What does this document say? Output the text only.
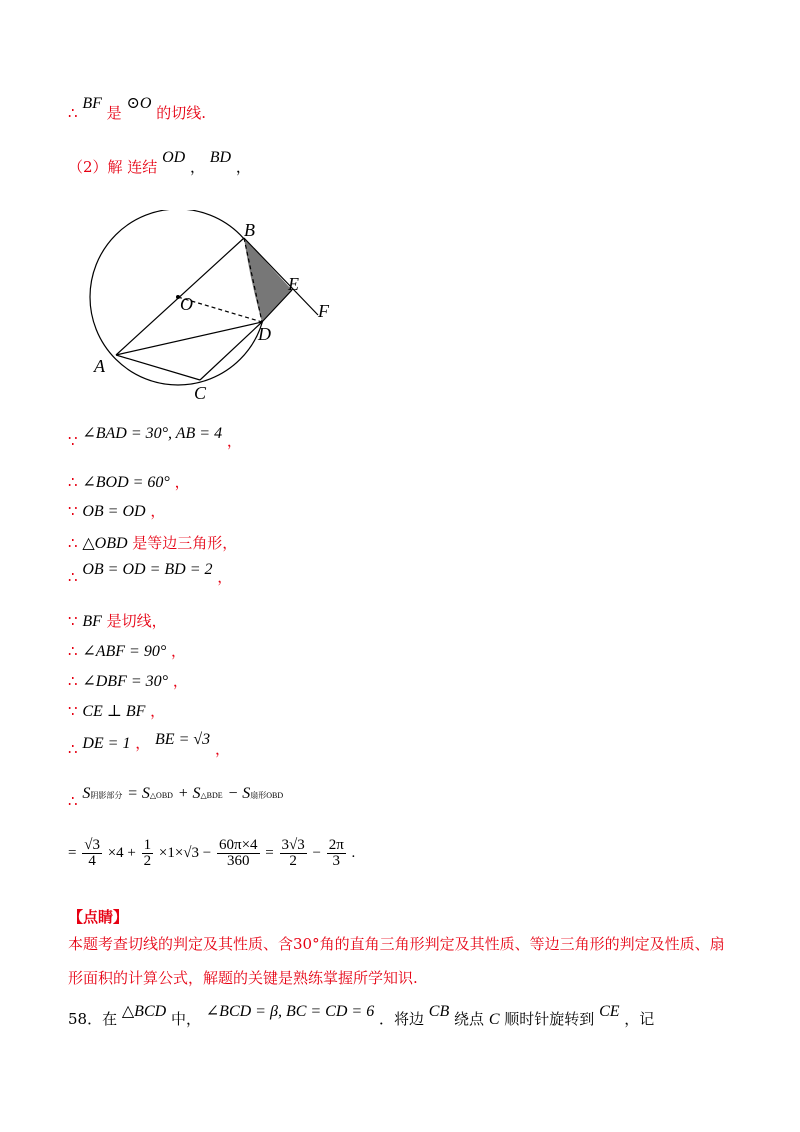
∴ BF 是 ⊙O 的切线.
（2）解 连结 OD ， BD ，
B
E
F
O
D
A
C
∵ ∠BAD = 30°, AB = 4 ，
∴ ∠BOD = 60° ，
∵ OB = OD ，
∴ △OBD 是等边三角形，
∴ OB = OD = BD = 2 ，
∵ BF 是切线，
∴ ∠ABF = 90° ，
∴ ∠DBF = 30° ，
∵ CE ⊥ BF ，
∴ DE = 1 ， BE = √3 ，
∴ S阴影部分 = S△OBD + S△BDE − S扇形OBD
= $\frac{√3}{4} \times 4 + \frac{1}{2} \times 1\times√3 - \frac{60\pi\times 4}{360} = \frac{3√3}{2} - \frac{2\pi}{3}$ .
【点睛】
本题考查切线的判定及其性质、含30°角的直角三角形判定及其性质、等边三角形的判定及性质、扇形面积的计算公式，解题的关键是熟练掌握所学知识.
58．在 △BCD 中， ∠BCD = β, BC = CD = 6 ．将边 CB 绕点 C 顺时针旋转到 CE ，记
